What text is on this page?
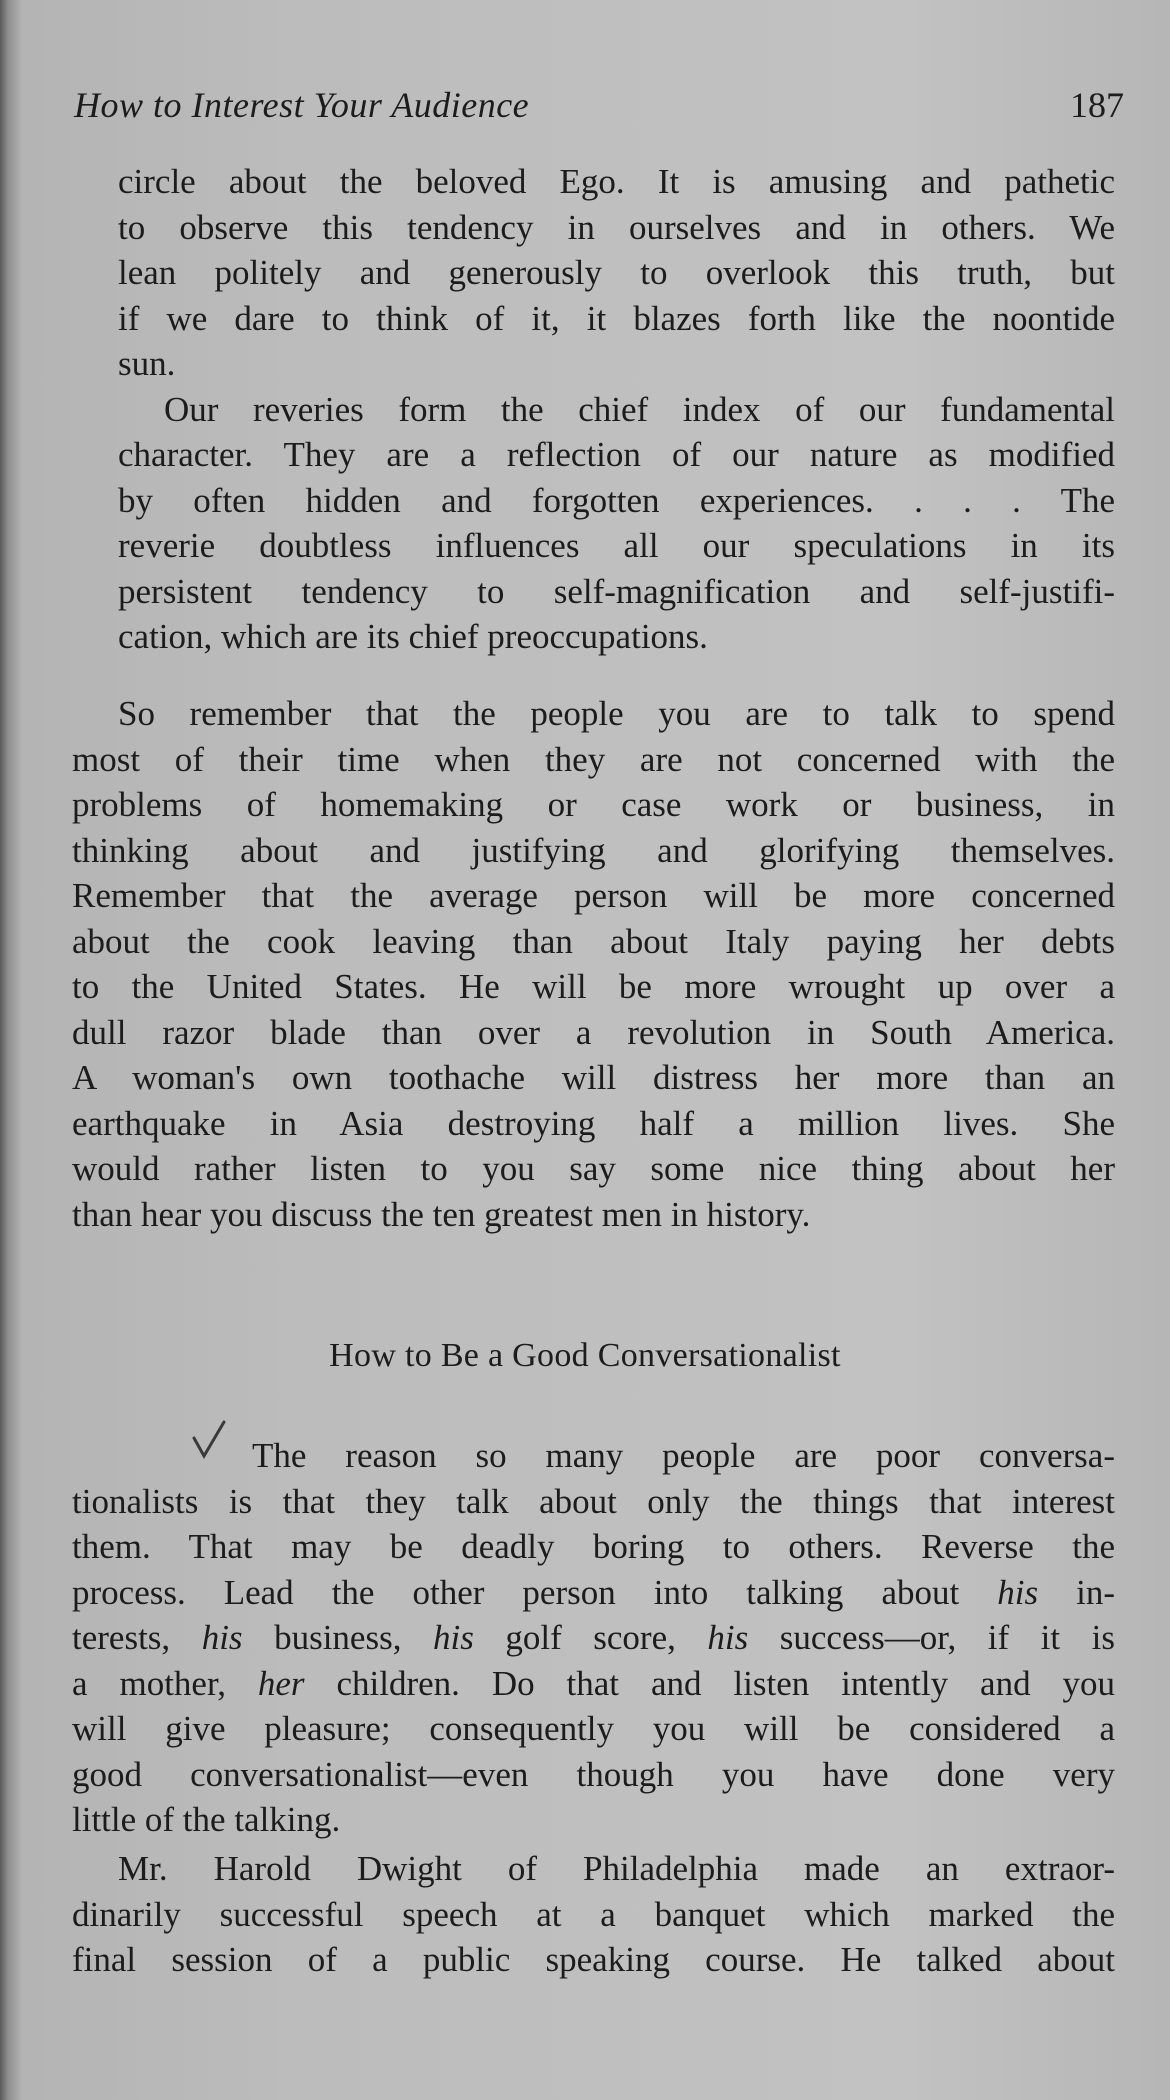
How to Interest Your Audience	187
circle about the beloved Ego. It is amusing and pathetic
to observe this tendency in ourselves and in others. We
lean politely and generously to overlook this truth, but
if we dare to think of it, it blazes forth like the noontide
sun.
Our reveries form the chief index of our fundamental
character. They are a reflection of our nature as modified
by often hidden and forgotten experiences. . . . The
reverie doubtless influences all our speculations in its
persistent tendency to self-magnification and self-justifi-
cation, which are its chief preoccupations.
So remember that the people you are to talk to spend
most of their time when they are not concerned with the
problems of homemaking or case work or business, in
thinking about and justifying and glorifying themselves.
Remember that the average person will be more concerned
about the cook leaving than about Italy paying her debts
to the United States. He will be more wrought up over a
dull razor blade than over a revolution in South America.
A woman's own toothache will distress her more than an
earthquake in Asia destroying half a million lives. She
would rather listen to you say some nice thing about her
than hear you discuss the ten greatest men in history.
How to Be a Good Conversationalist
The reason so many people are poor conversa-
tionalists is that they talk about only the things that interest
them. That may be deadly boring to others. Reverse the
process. Lead the other person into talking about his in-
terests, his business, his golf score, his success—or, if it is
a mother, her children. Do that and listen intently and you
will give pleasure; consequently you will be considered a
good conversationalist—even though you have done very
little of the talking.
Mr. Harold Dwight of Philadelphia made an extraor-
dinarily successful speech at a banquet which marked the
final session of a public speaking course. He talked about
